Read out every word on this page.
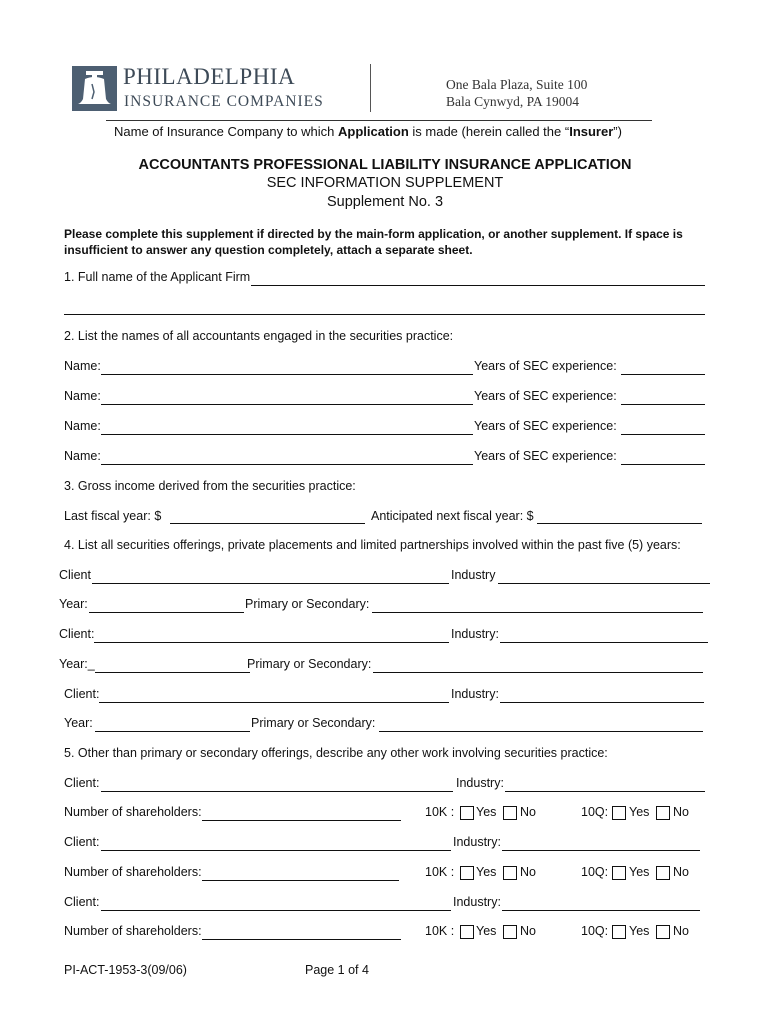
PHILADELPHIA
INSURANCE COMPANIES
One Bala Plaza, Suite 100
Bala Cynwyd, PA 19004
Name of Insurance Company to which Application is made (herein called the “Insurer”)
ACCOUNTANTS PROFESSIONAL LIABILITY INSURANCE APPLICATION
SEC INFORMATION SUPPLEMENT
Supplement No. 3
Please complete this supplement if directed by the main-form application, or another supplement. If space is insufficient to answer any question completely, attach a separate sheet.
1. Full name of the Applicant Firm
2. List the names of all accountants engaged in the securities practice:
Name:	Years of SEC experience:
Name:	Years of SEC experience:
Name:	Years of SEC experience:
Name:	Years of SEC experience:
3. Gross income derived from the securities practice:
Last fiscal year: $	Anticipated next fiscal year: $
4. List all securities offerings, private placements and limited partnerships involved within the past five (5) years:
Client	Industry
Year:	Primary or Secondary:
Client:	Industry:
Year:_	Primary or Secondary:
Client:	Industry:
Year:	Primary or Secondary:
5. Other than primary or secondary offerings, describe any other work involving securities practice:
Client:	Industry:
Number of shareholders:	10K : Yes No	10Q: Yes No
Client:	Industry:
Number of shareholders:	10K : Yes No	10Q: Yes No
Client:	Industry:
Number of shareholders:	10K : Yes No	10Q: Yes No
PI-ACT-1953-3(09/06)	Page 1 of 4
